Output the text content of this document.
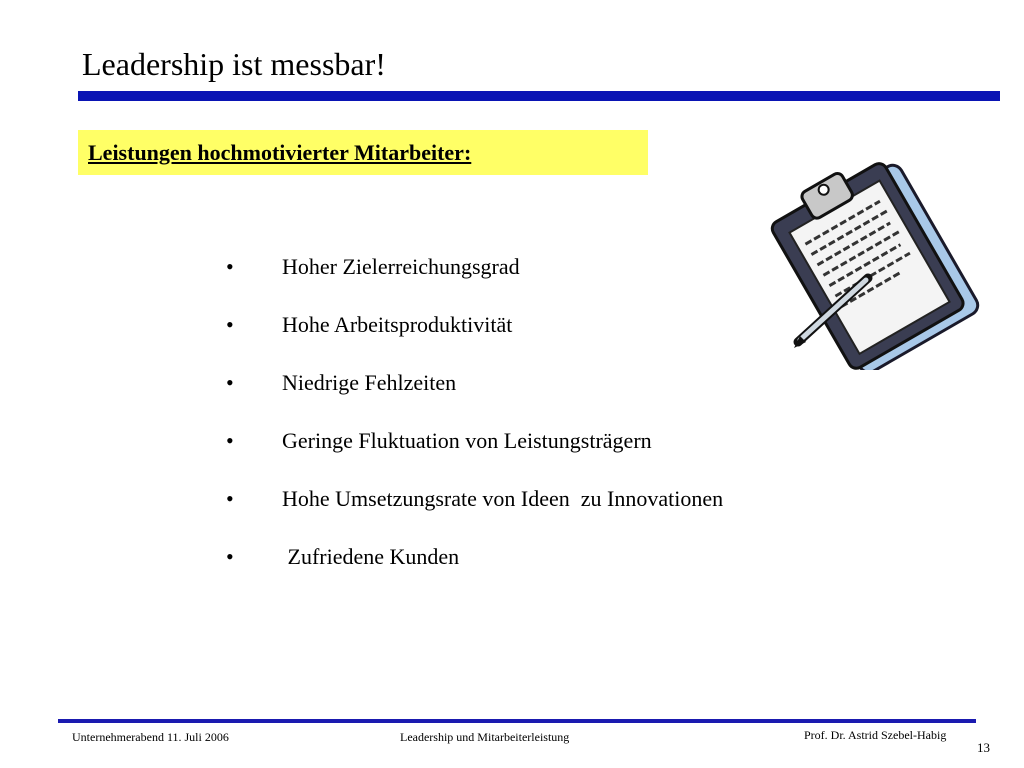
Leadership ist messbar!
Leistungen hochmotivierter Mitarbeiter:
• Hoher Zielerreichungsgrad
• Hohe Arbeitsproduktivität
• Niedrige Fehlzeiten
• Geringe Fluktuation von Leistungsträgern
• Hohe Umsetzungsrate von Ideen  zu Innovationen
• Zufriedene Kunden
Unternehmerabend 11. Juli 2006	Leadership und Mitarbeiterleistung	Prof. Dr. Astrid Szebel-Habig
13
